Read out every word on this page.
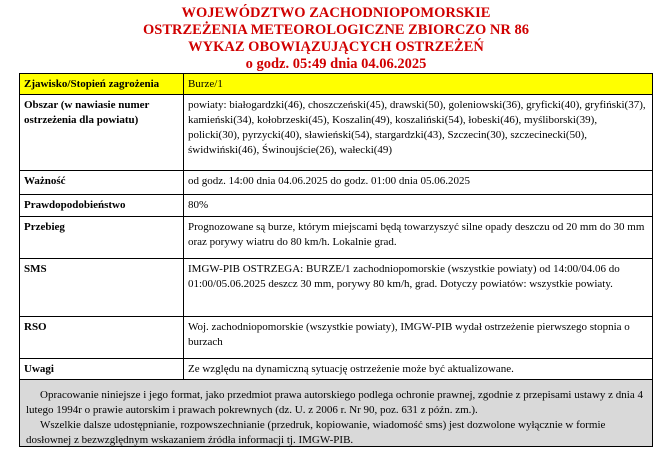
WOJEWÓDZTWO ZACHODNIOPOMORSKIE
OSTRZEŻENIA METEOROLOGICZNE ZBIORCZO NR 86
WYKAZ OBOWIĄZUJĄCYCH OSTRZEŻEŃ
o godz. 05:49 dnia 04.06.2025
Zjawisko/Stopień zagrożenia	Burze/1
Obszar (w nawiasie numer ostrzeżenia dla powiatu)	powiaty: białogardzki(46), choszczeński(45), drawski(50), goleniowski(36), gryficki(40), gryfiński(37), kamieński(34), kołobrzeski(45), Koszalin(49), koszaliński(54), łobeski(46), myśliborski(39), policki(30), pyrzycki(40), sławieński(54), stargardzki(43), Szczecin(30), szczecinecki(50), świdwiński(46), Świnoujście(26), wałecki(49)
Ważność	od godz. 14:00 dnia 04.06.2025 do godz. 01:00 dnia 05.06.2025
Prawdopodobieństwo	80%
Przebieg	Prognozowane są burze, którym miejscami będą towarzyszyć silne opady deszczu od 20 mm do 30 mm oraz porywy wiatru do 80 km/h. Lokalnie grad.
SMS	IMGW-PIB OSTRZEGA: BURZE/1 zachodniopomorskie (wszystkie powiaty) od 14:00/04.06 do 01:00/05.06.2025 deszcz 30 mm, porywy 80 km/h, grad. Dotyczy powiatów: wszystkie powiaty.
RSO	Woj. zachodniopomorskie (wszystkie powiaty), IMGW-PIB wydał ostrzeżenie pierwszego stopnia o burzach
Uwagi	Ze względu na dynamiczną sytuację ostrzeżenie może być aktualizowane.

Opracowanie niniejsze i jego format, jako przedmiot prawa autorskiego podlega ochronie prawnej, zgodnie z przepisami ustawy z dnia 4 lutego 1994r o prawie autorskim i prawach pokrewnych (dz. U. z 2006 r. Nr 90, poz. 631 z późn. zm.).

Wszelkie dalsze udostępnianie, rozpowszechnianie (przedruk, kopiowanie, wiadomość sms) jest dozwolone wyłącznie w formie dosłownej z bezwzględnym wskazaniem źródła informacji tj. IMGW-PIB.
